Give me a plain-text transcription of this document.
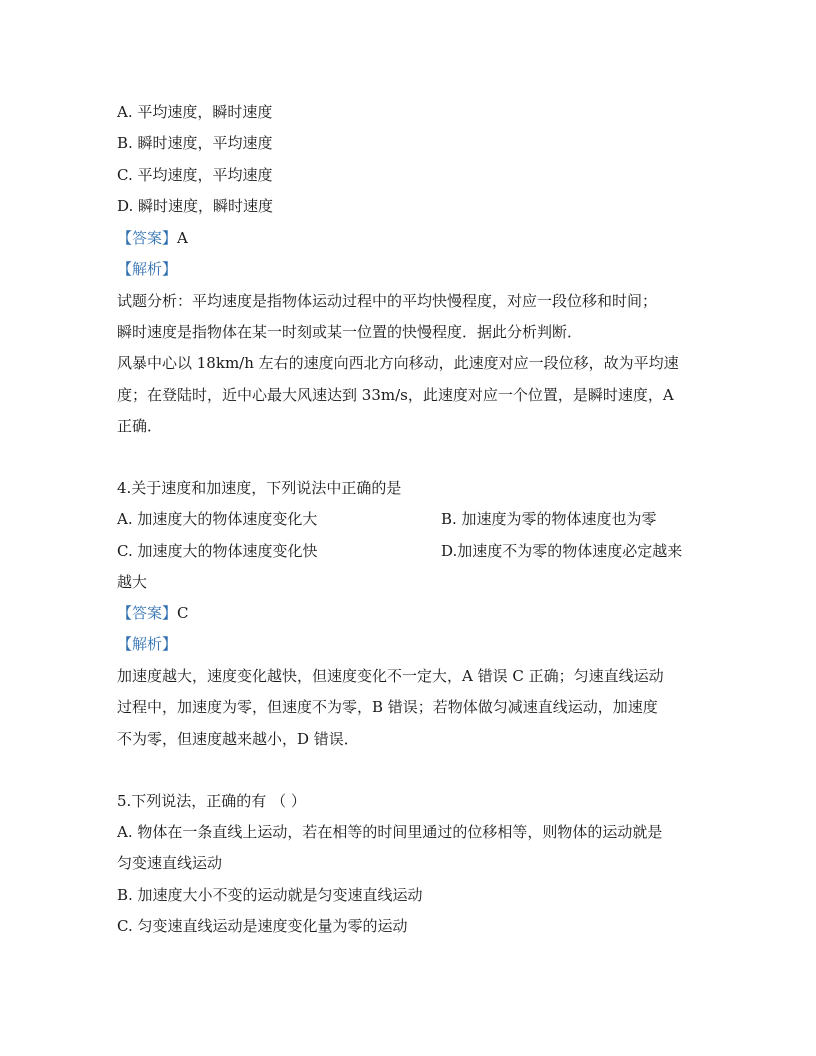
A. 平均速度，瞬时速度
B. 瞬时速度，平均速度
C. 平均速度，平均速度
D. 瞬时速度，瞬时速度
【答案】A
【解析】
试题分析：平均速度是指物体运动过程中的平均快慢程度，对应一段位移和时间；
瞬时速度是指物体在某一时刻或某一位置的快慢程度．据此分析判断．
风暴中心以 18km/h 左右的速度向西北方向移动，此速度对应一段位移，故为平均速
度；在登陆时，近中心最大风速达到 33m/s，此速度对应一个位置，是瞬时速度，A
正确．
4.关于速度和加速度，下列说法中正确的是
A. 加速度大的物体速度变化大	B. 加速度为零的物体速度也为零
C. 加速度大的物体速度变化快	D.加速度不为零的物体速度必定越来
越大
【答案】C
【解析】
加速度越大，速度变化越快，但速度变化不一定大，A 错误 C 正确；匀速直线运动
过程中，加速度为零，但速度不为零，B 错误；若物体做匀减速直线运动，加速度
不为零，但速度越来越小，D 错误．
5.下列说法，正确的有 （ ）
A. 物体在一条直线上运动，若在相等的时间里通过的位移相等，则物体的运动就是
匀变速直线运动
B. 加速度大小不变的运动就是匀变速直线运动
C. 匀变速直线运动是速度变化量为零的运动
